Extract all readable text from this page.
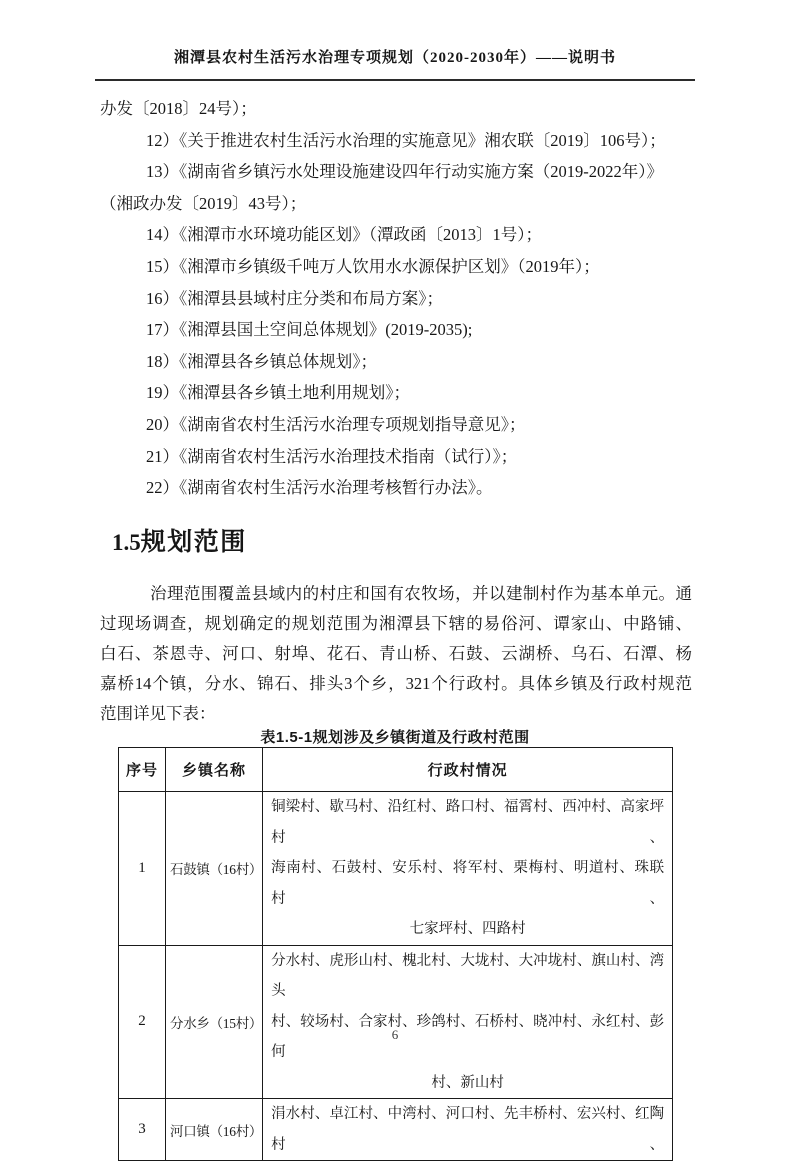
湘潭县农村生活污水治理专项规划（2020-2030年）——说明书
办发〔2018〕24号）；
12）《关于推进农村生活污水治理的实施意见》湘农联〔2019〕106号）；
13）《湖南省乡镇污水处理设施建设四年行动实施方案（2019-2022年）》
（湘政办发〔2019〕43号）；
14）《湘潭市水环境功能区划》（潭政函〔2013〕1号）；
15）《湘潭市乡镇级千吨万人饮用水水源保护区划》（2019年）；
16）《湘潭县县域村庄分类和布局方案》；
17）《湘潭县国土空间总体规划》(2019-2035);
18）《湘潭县各乡镇总体规划》；
19）《湘潭县各乡镇土地利用规划》；
20）《湖南省农村生活污水治理专项规划指导意见》；
21）《湖南省农村生活污水治理技术指南（试行）》；
22）《湖南省农村生活污水治理考核暂行办法》。
1.5规划范围
治理范围覆盖县域内的村庄和国有农牧场，并以建制村作为基本单元。通
过现场调查，规划确定的规划范围为湘潭县下辖的易俗河、谭家山、中路铺、
白石、茶恩寺、河口、射埠、花石、青山桥、石鼓、云湖桥、乌石、石潭、杨
嘉桥14个镇，分水、锦石、排头3个乡，321个行政村。具体乡镇及行政村规范
范围详见下表：
表1.5-1规划涉及乡镇街道及行政村范围
序号	乡镇名称	行政村情况
1	石鼓镇（16村）	铜梁村、歇马村、沿红村、路口村、福霄村、西冲村、高家坪村、
海南村、石鼓村、安乐村、将军村、栗梅村、明道村、珠联村、
七家坪村、四路村

2	分水乡（15村）	分水村、虎形山村、槐北村、大垅村、大冲垅村、旗山村、湾头
村、较场村、合家村、珍鸽村、石桥村、晓冲村、永红村、彭何
村、新山村

3	河口镇（16村）	涓水村、卓江村、中湾村、河口村、先丰桥村、宏兴村、红陶村、
6
